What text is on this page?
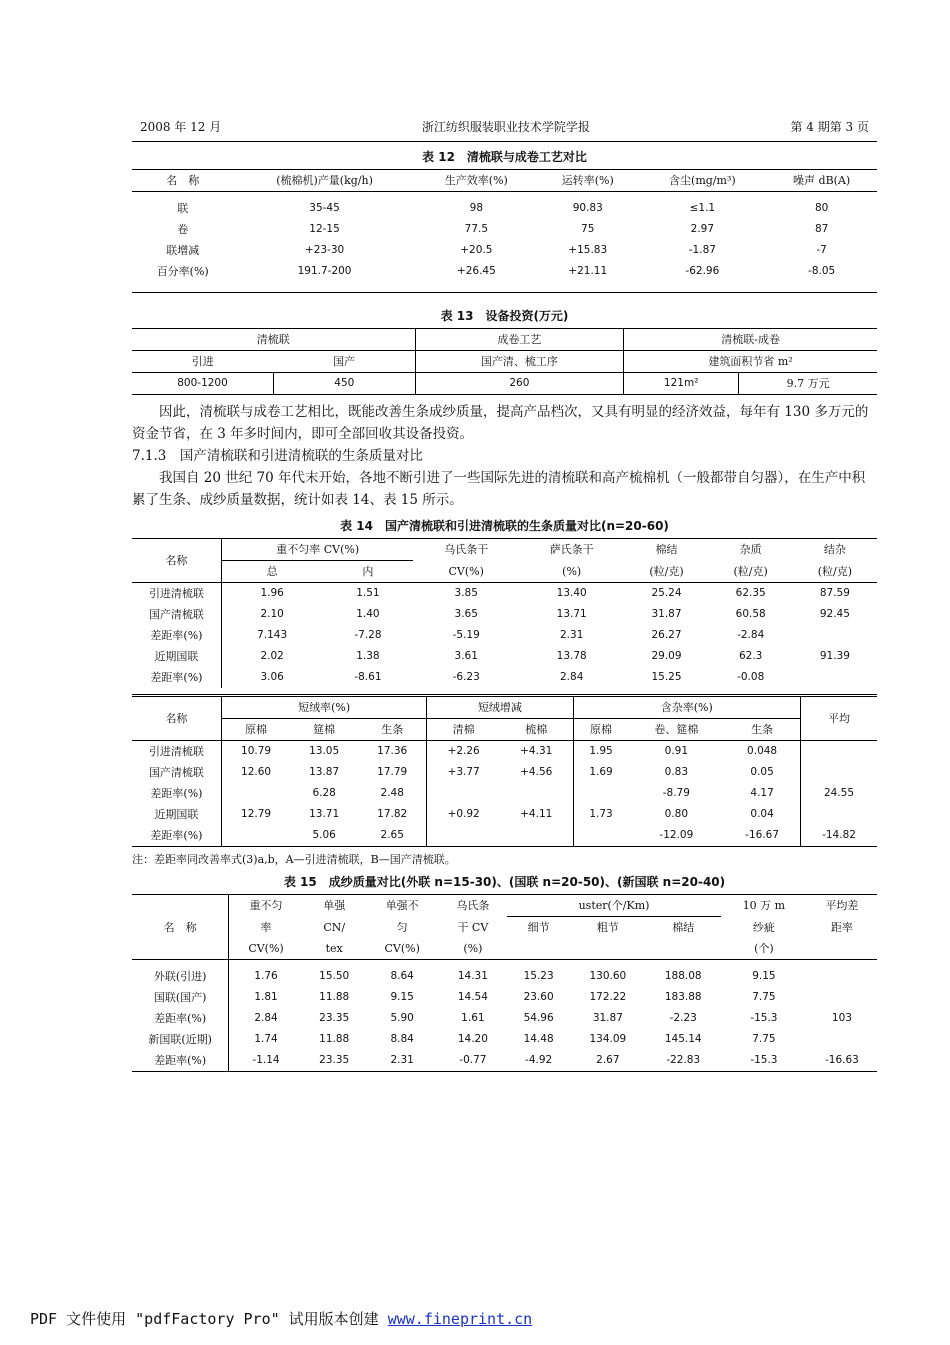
2008 年 12 月	浙江纺织服装职业技术学院学报	第 4 期第 3 页
表 12　清梳联与成卷工艺对比
名　称	(梳棉机)产量(kg/h)	生产效率(%)	运转率(%)	含尘(mg/m³)	噪声 dB(A)

联	35-45	98	90.83	≤1.1	80
卷	12-15	77.5	75	2.97	87
联增减	+23-30	+20.5	+15.83	-1.87	-7
百分率(%)	191.7-200	+26.45	+21.11	-62.96	-8.05

表 13　设备投资(万元)
清梳联		成卷工艺	清梳联-成卷	
引进	国产	国产清、梳工序	建筑面积节省 m²	
800-1200	450	260	121m²	9.7 万元

因此，清梳联与成卷工艺相比，既能改善生条成纱质量，提高产品档次，又具有明显的经济效益，每年有 130 多万元的资金节省，在 3 年多时间内，即可全部回收其设备投资。

7.1.3　国产清梳联和引进清梳联的生条质量对比

我国自 20 世纪 70 年代末开始，各地不断引进了一些国际先进的清梳联和高产梳棉机（一般都带自匀器），在生产中积累了生条、成纱质量数据，统计如表 14、表 15 所示。

表 14　国产清梳联和引进清梳联的生条质量对比(n=20-60)
名称	重不匀率 CV(%)		乌氏条干	萨氏条干	棉结	杂质	结杂
	总	内	CV(%)	(%)	(粒/克)	(粒/克)	(粒/克)
引进清梳联	1.96	1.51	3.85	13.40	25.24	62.35	87.59
国产清梳联	2.10	1.40	3.65	13.71	31.87	60.58	92.45
差距率(%)	7.143	-7.28	-5.19	2.31	26.27	-2.84	
近期国联	2.02	1.38	3.61	13.78	29.09	62.3	91.39
差距率(%)	3.06	-8.61	-6.23	2.84	15.25	-0.08	
名称	短绒率(%)			短绒增减		含杂率(%)			平均
	原棉	筵棉	生条	清棉	梳棉	原棉	卷、筵棉	生条	
引进清梳联	10.79	13.05	17.36	+2.26	+4.31	1.95	0.91	0.048	
国产清梳联	12.60	13.87	17.79	+3.77	+4.56	1.69	0.83	0.05	
差距率(%)		6.28	2.48				-8.79	4.17	24.55
近期国联	12.79	13.71	17.82	+0.92	+4.11	1.73	0.80	0.04	
差距率(%)		5.06	2.65				-12.09	-16.67	-14.82
注：差距率同改善率式(3)a,b，A—引进清梳联，B—国产清梳联。
表 15　成纱质量对比(外联 n=15-30)、(国联 n=20-50)、(新国联 n=20-40)
名　称	重不匀	单强	单强不	乌氏条	uster(个/Km)			10 万 m	平均差
	率	CN/	匀	干 CV	细节	粗节	棉结	纱疵	距率
	CV(%)	tex	CV(%)	(%)				(个)	

外联(引进)	1.76	15.50	8.64	14.31	15.23	130.60	188.08	9.15	
国联(国产)	1.81	11.88	9.15	14.54	23.60	172.22	183.88	7.75	
差距率(%)	2.84	23.35	5.90	1.61	54.96	31.87	-2.23	-15.3	103
新国联(近期)	1.74	11.88	8.84	14.20	14.48	134.09	145.14	7.75	
差距率(%)	-1.14	23.35	2.31	-0.77	-4.92	2.67	-22.83	-15.3	-16.63
PDF 文件使用 "pdfFactory Pro" 试用版本创建 www.fineprint.cn
